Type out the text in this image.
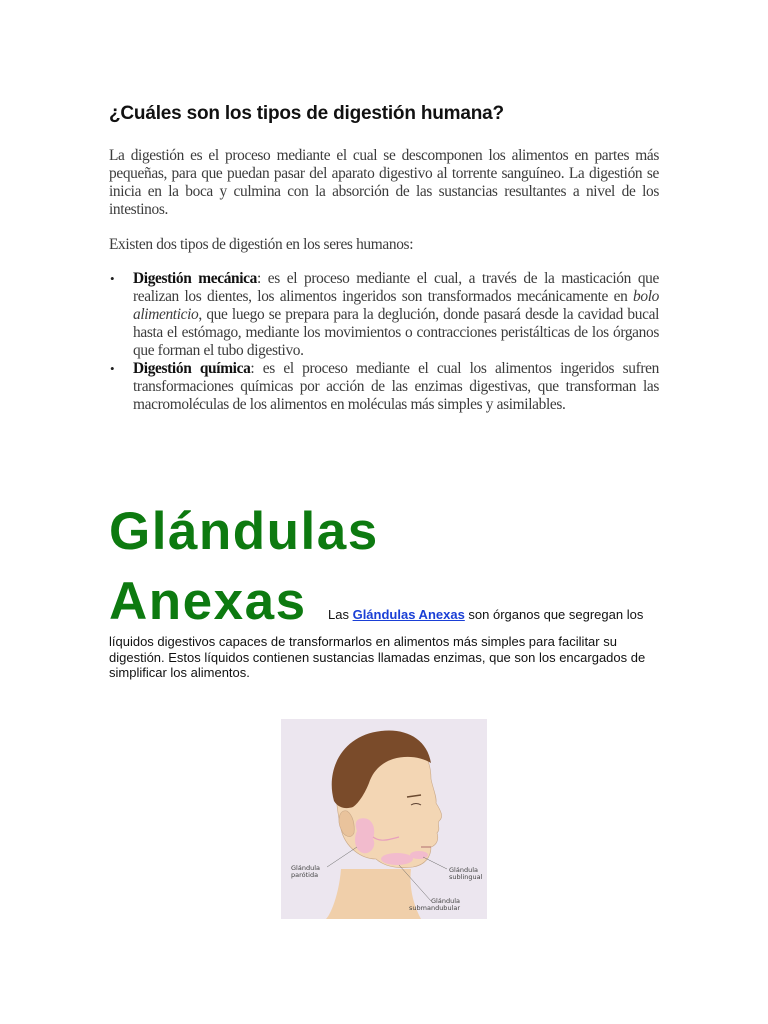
¿Cuáles son los tipos de digestión humana?

La digestión es el proceso mediante el cual se descomponen los alimentos en partes más pequeñas, para que puedan pasar del aparato digestivo al torrente sanguíneo. La digestión se inicia en la boca y culmina con la absorción de las sustancias resultantes a nivel de los intestinos.

Existen dos tipos de digestión en los seres humanos:

• Digestión mecánica: es el proceso mediante el cual, a través de la masticación que realizan los dientes, los alimentos ingeridos son transformados mecánicamente en bolo alimenticio, que luego se prepara para la deglución, donde pasará desde la cavidad bucal hasta el estómago, mediante los movimientos o contracciones peristálticas de los órganos que forman el tubo digestivo.
• Digestión química: es el proceso mediante el cual los alimentos ingeridos sufren transformaciones químicas por acción de las enzimas digestivas, que transforman las macromoléculas de los alimentos en moléculas más simples y asimilables.
Glándulas
Anexas Las Glándulas Anexas son órganos que segregan los

líquidos digestivos capaces de transformarlos en alimentos más simples para facilitar su digestión. Estos líquidos contienen sustancias llamadas enzimas, que son los encargados de simplificar los alimentos.

Glándula
parótida
Glándula
sublingual
Glándula
submandubular
